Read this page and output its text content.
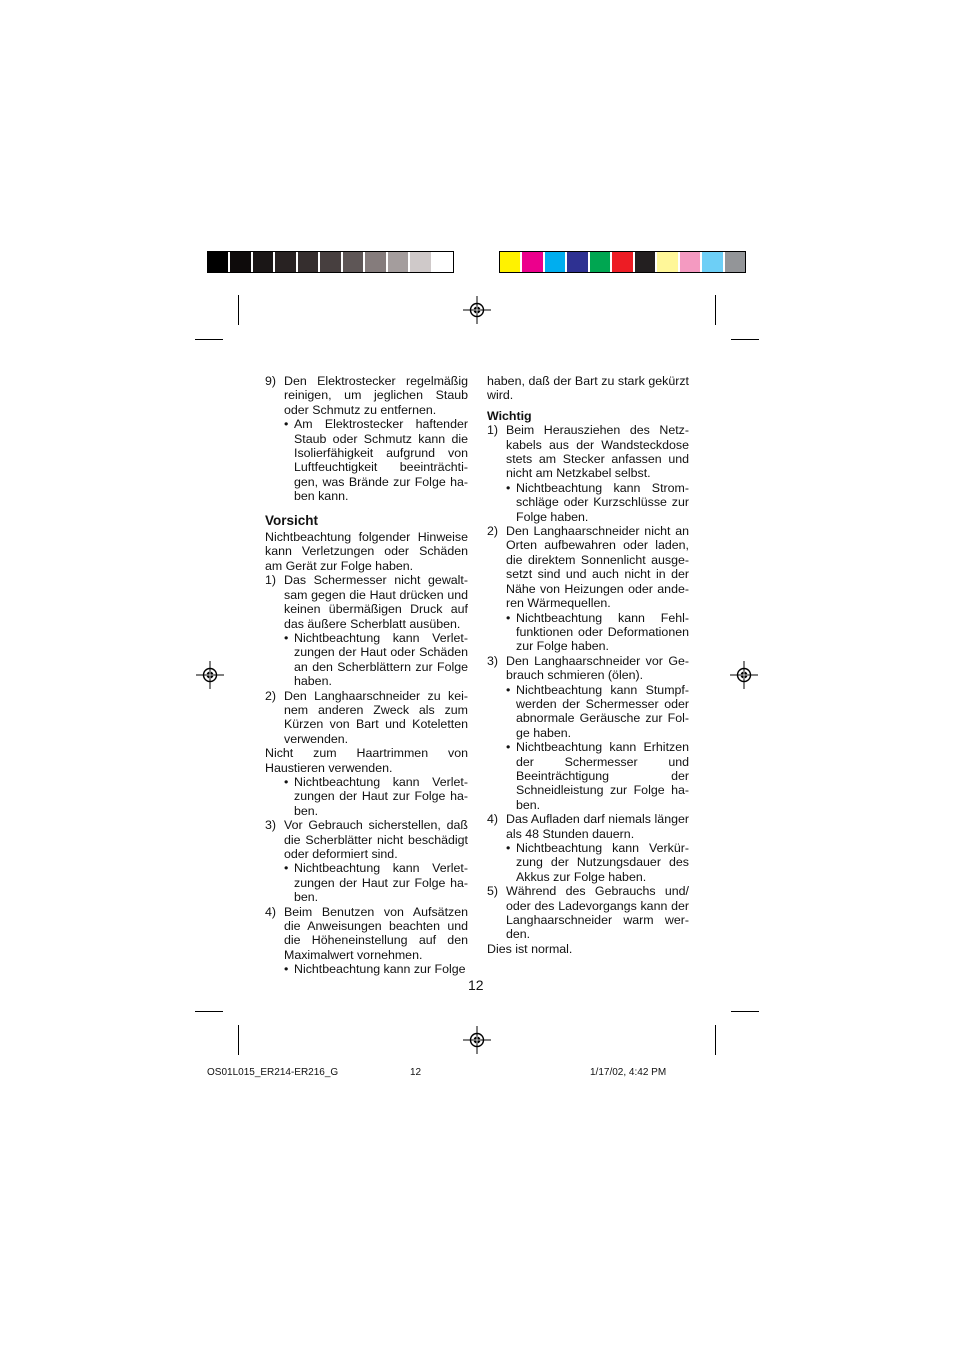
9) Den Elektrostecker regelmäßig reinigen, um jeglichen Staub oder Schmutz zu entfernen.
• Am Elektrostecker haftender Staub oder Schmutz kann die Isolierfähigkeit aufgrund von Luftfeuchtigkeit beeinträchtigen, was Brände zur Folge haben kann.

Vorsicht

Nichtbeachtung folgender Hinweise kann Verletzungen oder Schäden am Gerät zur Folge haben.

1) Das Schermesser nicht gewaltsam gegen die Haut drücken und keinen übermäßigen Druck auf das äußere Scherblatt ausüben.
• Nichtbeachtung kann Verletzungen der Haut oder Schäden an den Scherblättern zur Folge haben.
2) Den Langhaarschneider zu keinem anderen Zweck als zum Kürzen von Bart und Koteletten verwenden.

Nicht zum Haartrimmen von Haustieren verwenden.

• Nichtbeachtung kann Verletzungen der Haut zur Folge haben.
3) Vor Gebrauch sicherstellen, daß die Scherblätter nicht beschädigt oder deformiert sind.
• Nichtbeachtung kann Verletzungen der Haut zur Folge haben.
4) Beim Benutzen von Aufsätzen die Anweisungen beachten und die Höheneinstellung auf den Maximalwert vornehmen.
• Nichtbeachtung kann zur Folge

haben, daß der Bart zu stark gekürzt wird.

Wichtig

1) Beim Herausziehen des Netzkabels aus der Wandsteckdose stets am Stecker anfassen und nicht am Netzkabel selbst.
• Nichtbeachtung kann Stromschläge oder Kurzschlüsse zur Folge haben.
2) Den Langhaarschneider nicht an Orten aufbewahren oder laden, die direktem Sonnenlicht ausgesetzt sind und auch nicht in der Nähe von Heizungen oder anderen Wärmequellen.
• Nichtbeachtung kann Fehlfunktionen oder Deformationen zur Folge haben.
3) Den Langhaarschneider vor Gebrauch schmieren (ölen).
• Nichtbeachtung kann Stumpfwerden der Schermesser oder abnormale Geräusche zur Folge haben.
• Nichtbeachtung kann Erhitzen der Schermesser und Beeinträchtigung der Schneidleistung zur Folge haben.
4) Das Aufladen darf niemals länger als 48 Stunden dauern.
• Nichtbeachtung kann Verkürzung der Nutzungsdauer des Akkus zur Folge haben.
5) Während des Gebrauchs und/ oder des Ladevorgangs kann der Langhaarschneider warm werden.

Dies ist normal.

12
OS01L015_ER214-ER216_G	12	1/17/02, 4:42 PM
